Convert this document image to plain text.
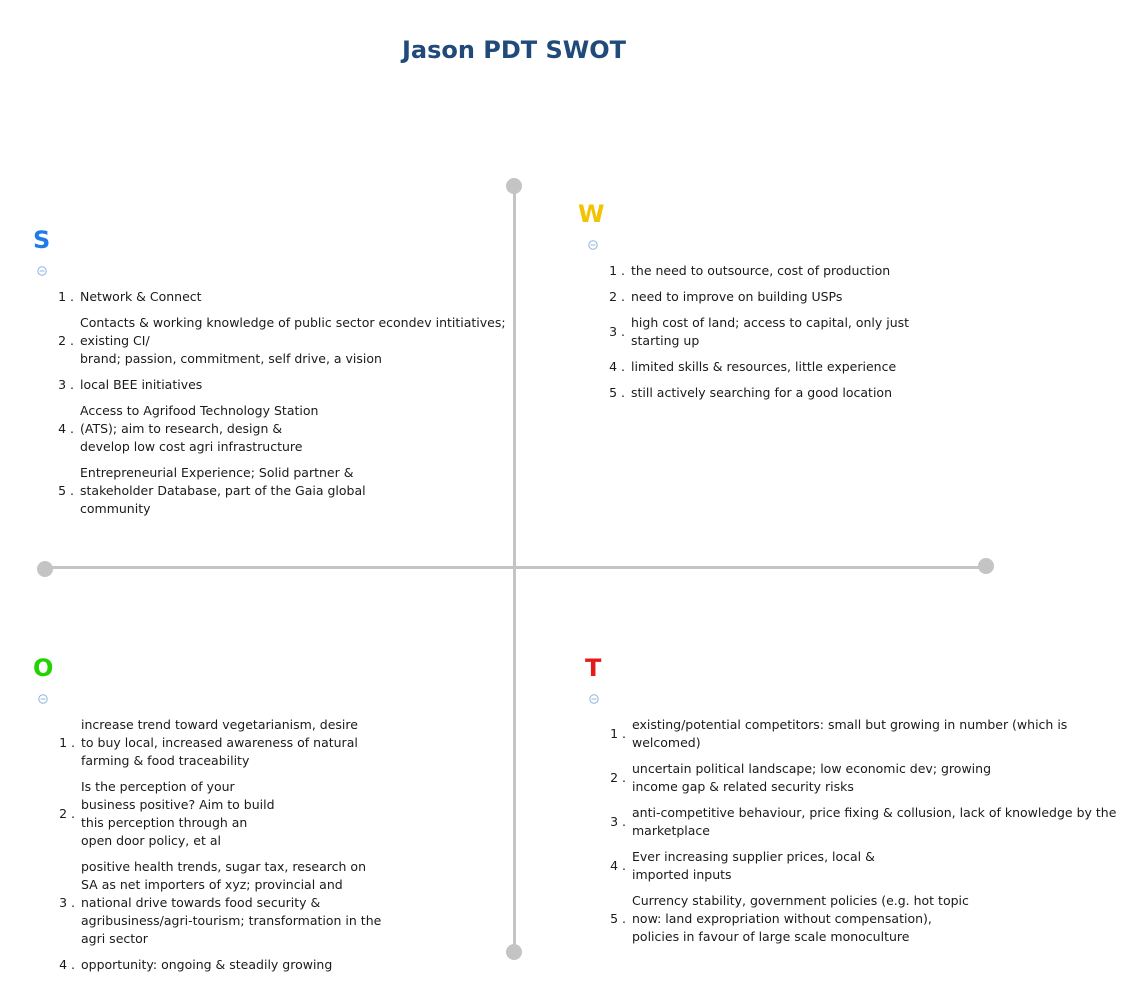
Jason PDT SWOT
S
1 . Network & Connect
2 .
Contacts & working knowledge of public sector econdev intitiatives; existing CI/
brand; passion, commitment, self drive, a vision
3 . local BEE initiatives
4 .
Access to Agrifood Technology Station
(ATS); aim to research, design &
develop low cost agri infrastructure
5 .
Entrepreneurial Experience; Solid partner &
stakeholder Database, part of the Gaia global
community
W
1 . the need to outsource, cost of production
2 . need to improve on building USPs
3 .
high cost of land; access to capital, only just
starting up
4 . limited skills & resources, little experience
5 . still actively searching for a good location
O
1 .
increase trend toward vegetarianism, desire
to buy local, increased awareness of natural
farming & food traceability
2 .
Is the perception of your
business positive? Aim to build
this perception through an
open door policy, et al
3 .
positive health trends, sugar tax, research on
SA as net importers of xyz; provincial and
national drive towards food security &
agribusiness/agri-tourism; transformation in the
agri sector
4 . opportunity: ongoing & steadily growing
T
1 .
existing/potential competitors: small but growing in number (which is welcomed)
2 .
uncertain political landscape; low economic dev; growing
income gap & related security risks
3 .
anti-competitive behaviour, price fixing & collusion, lack of knowledge by the
marketplace
4 .
Ever increasing supplier prices, local &
imported inputs
5 .
Currency stability, government policies (e.g. hot topic
now: land expropriation without compensation),
policies in favour of large scale monoculture
